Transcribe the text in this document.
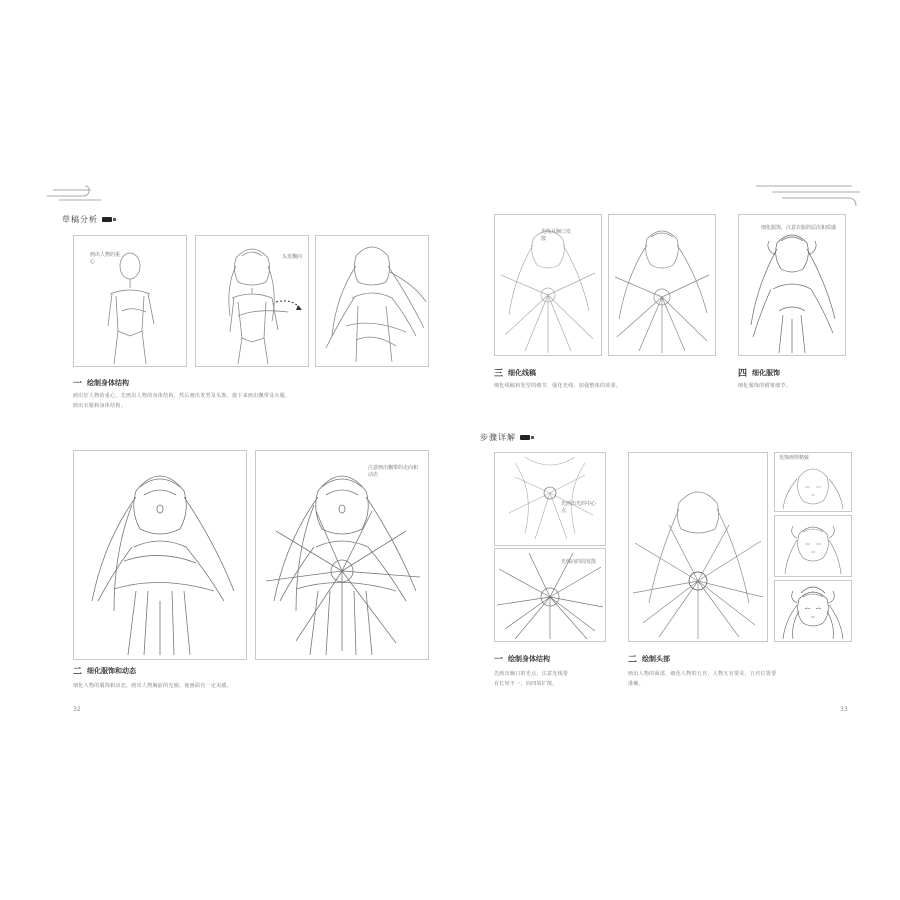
草稿分析
画出人物的重心
头发飘向
一 绘制身体结构
画出好人物的重心，先画出人物的身体结构，然后画出发型及头饰，接下来画出飘带及衣服，
画出衣服和身体结构。
注意画出飘带的走向和动态
二 细化服饰和动态
细化人物的服饰和动态，画出人物胸前的光圈，使画面有一定美感。
32
光线从胸口发散
细化服饰，注意衣服的层次和质感
三 细化线稿
细化线稿和发型的细节，强化光线，加强整体的效果。
四 细化服饰
细化服饰的褶皱细节。
步骤详解
先画出光的中心点
光线向四周发散
发饰画得精致
一 绘制身体结构
先画出胸口的光点，注意光线要
有长短不一，向四周扩散。
二 绘制头部
画出人物的面部，细化人物的五官，人物五官要美，五官位置要
准确。
33
